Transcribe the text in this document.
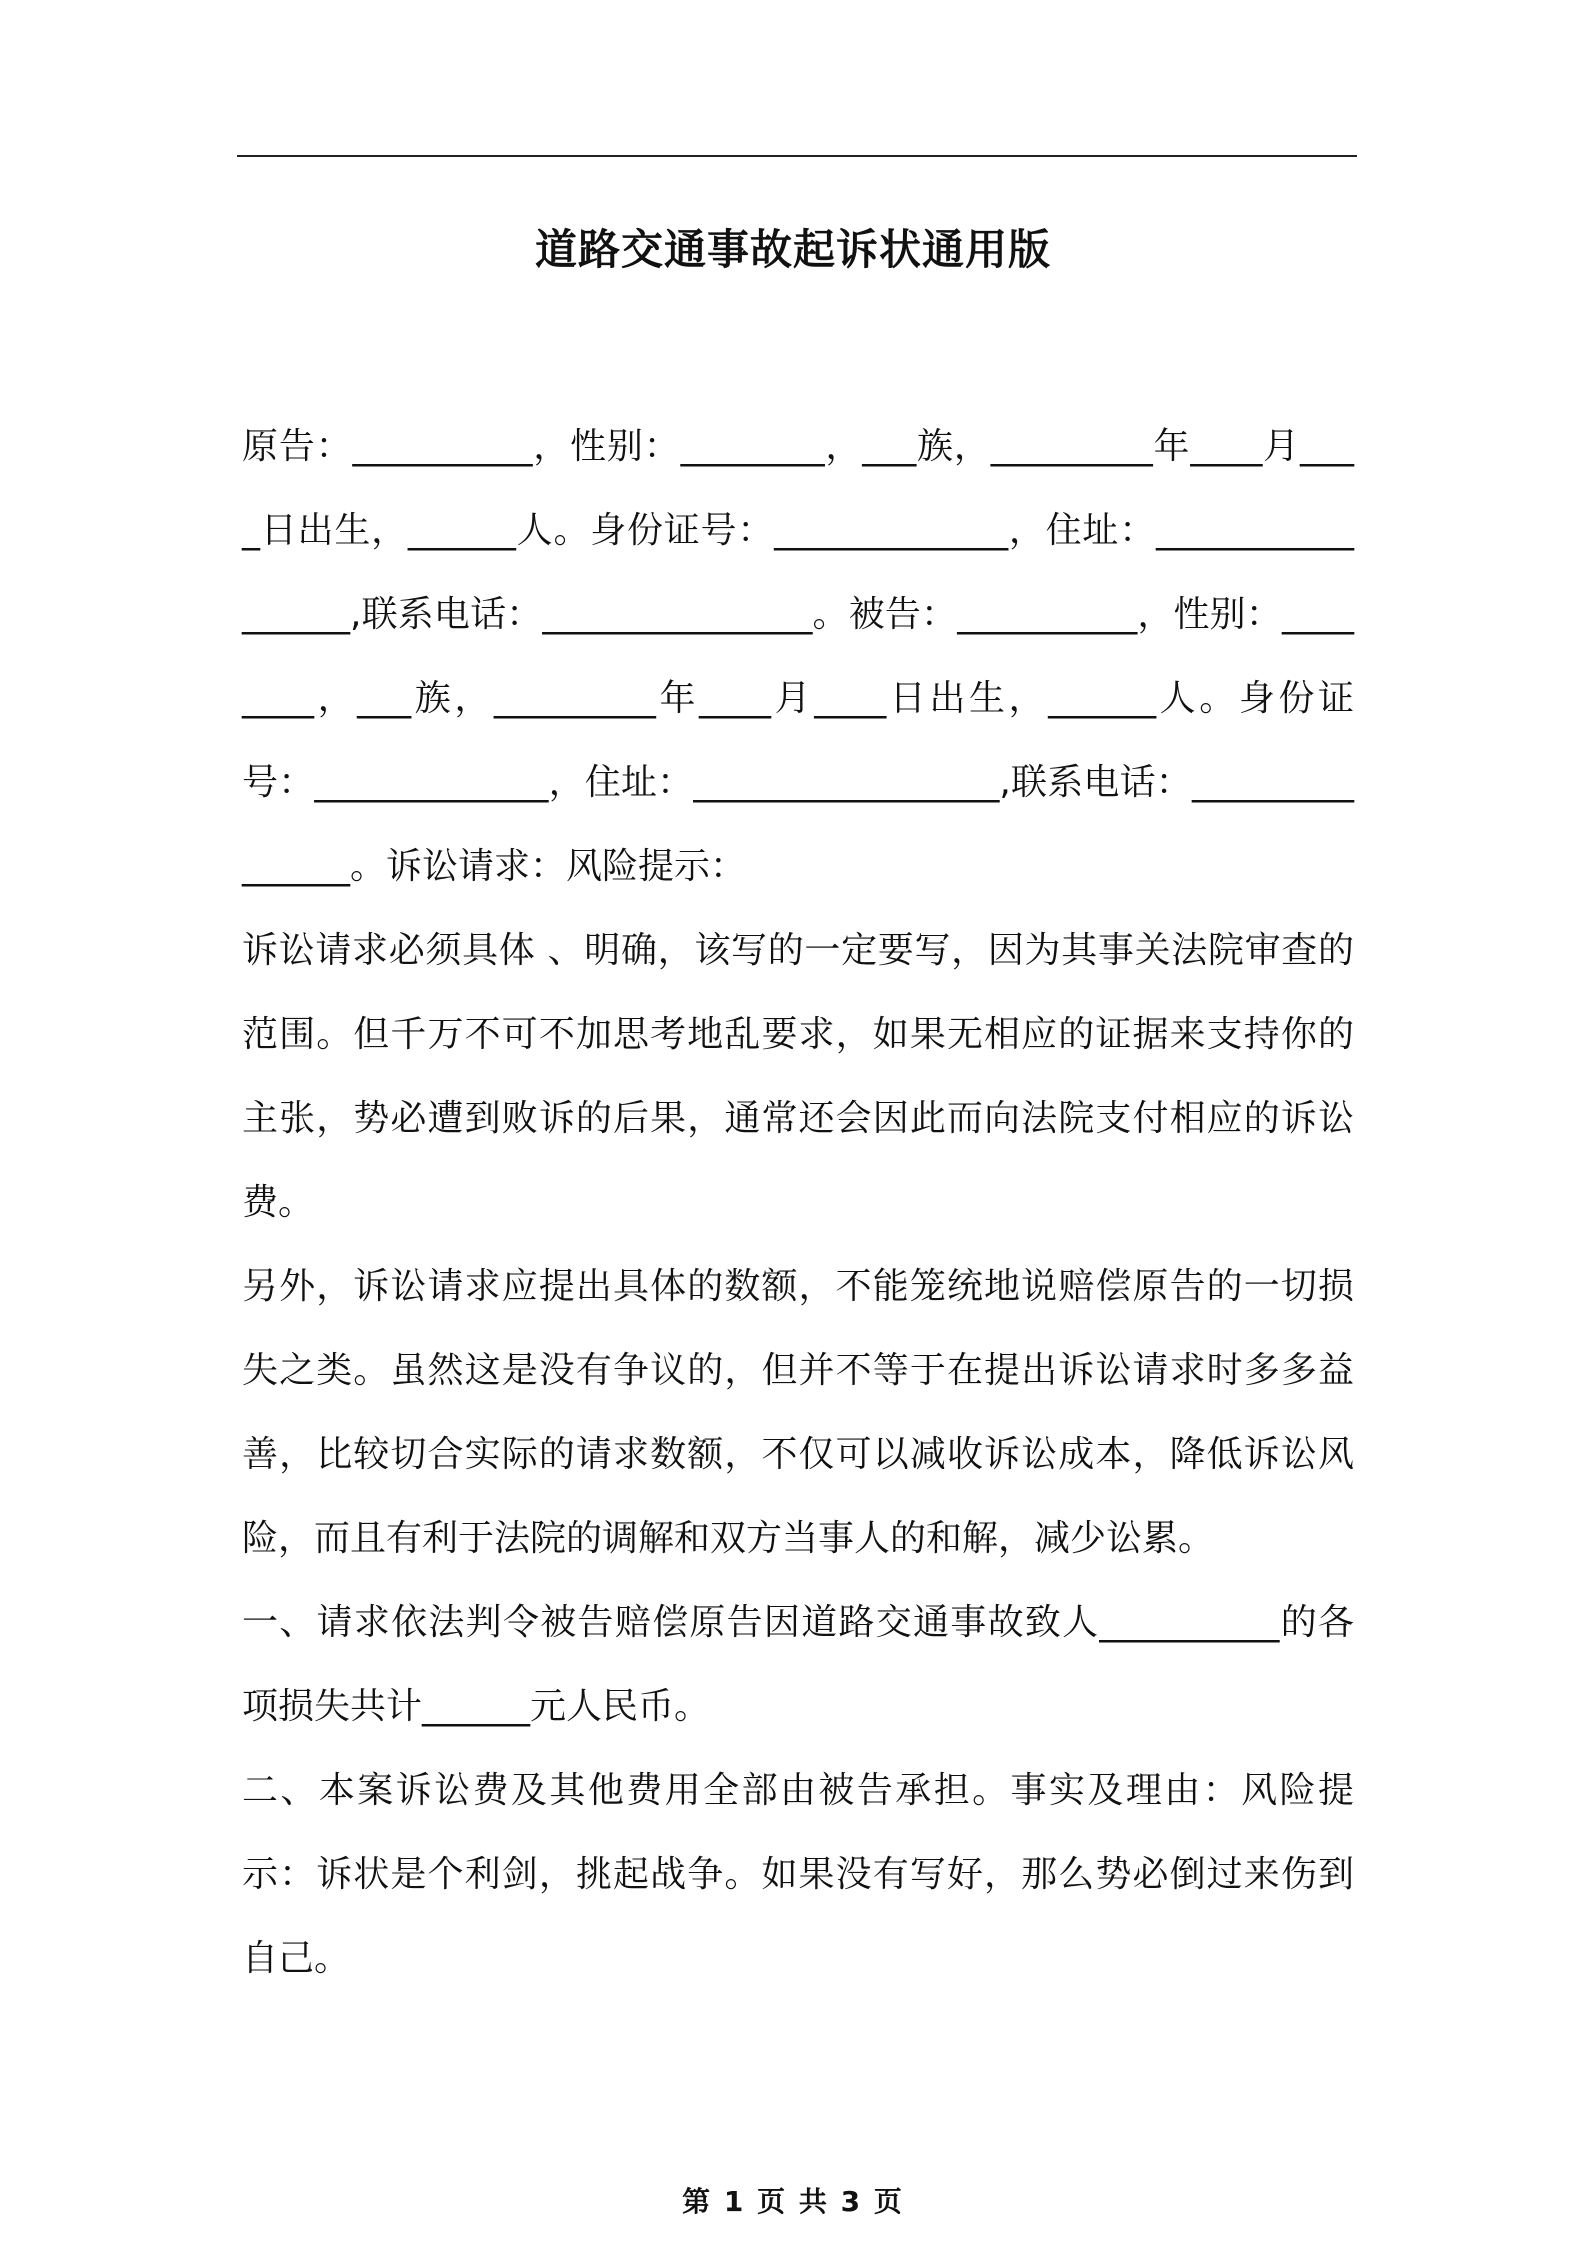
道路交通事故起诉状通用版

原告：__________，性别：________，___族，_________年____月____日出生，______人。身份证号：_____________，住址：_________________,联系电话：_______________。被告：__________，性别：________，___族，_________年____月____日出生，______人。身份证号：_____________，住址：_________________,联系电话：_______________。诉讼请求：风险提示：

诉讼请求必须具体 、明确，该写的一定要写，因为其事关法院审查的范围。但千万不可不加思考地乱要求，如果无相应的证据来支持你的主张，势必遭到败诉的后果，通常还会因此而向法院支付相应的诉讼费。

另外，诉讼请求应提出具体的数额，不能笼统地说赔偿原告的一切损失之类。虽然这是没有争议的，但并不等于在提出诉讼请求时多多益善，比较切合实际的请求数额，不仅可以减收诉讼成本，降低诉讼风险，而且有利于法院的调解和双方当事人的和解，减少讼累。

一、请求依法判令被告赔偿原告因道路交通事故致人__________的各项损失共计______元人民币。

二、本案诉讼费及其他费用全部由被告承担。事实及理由：风险提示：诉状是个利剑，挑起战争。如果没有写好，那么势必倒过来伤到自己。

第 1 页 共 3 页
